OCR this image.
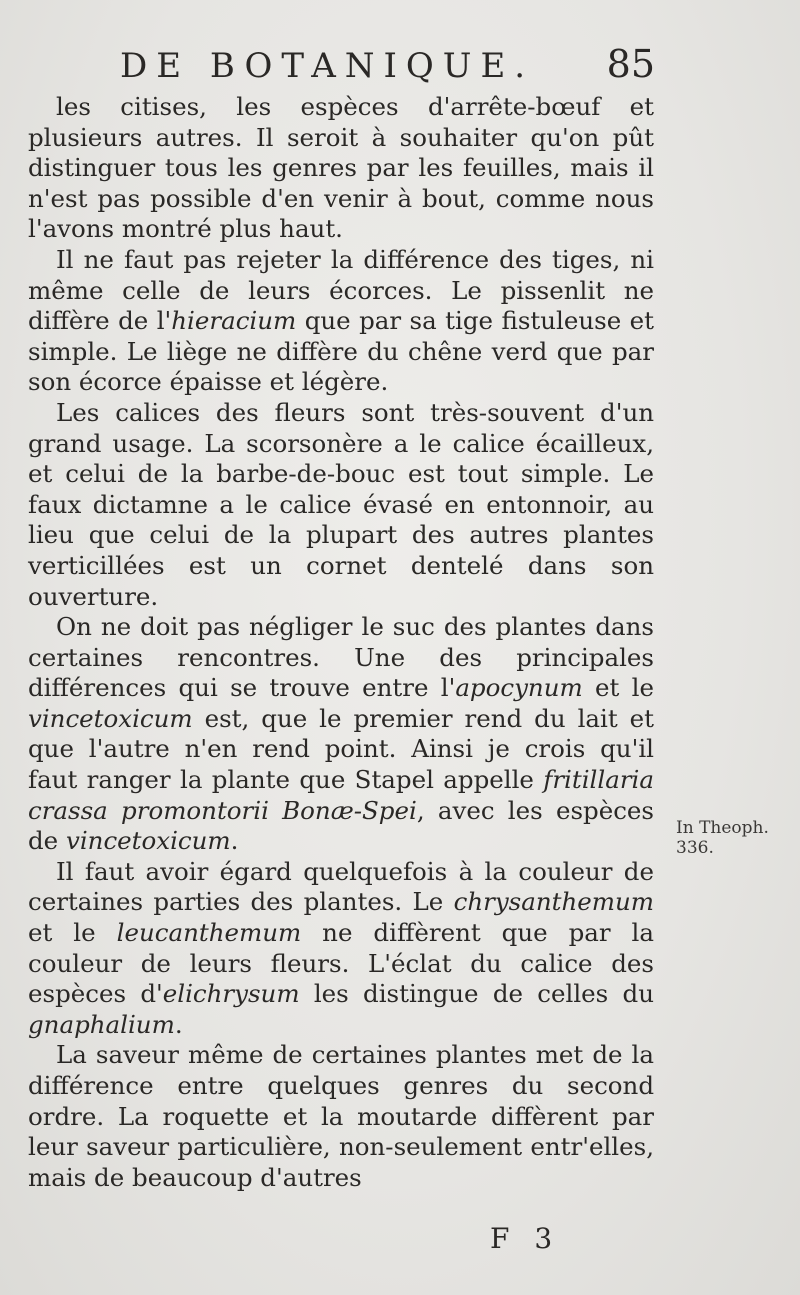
DE BOTANIQUE. 85

les citises, les espèces d'arrête-bœuf et plusieurs autres. Il seroit à souhaiter qu'on pût distinguer tous les genres par les feuilles, mais il n'est pas possible d'en venir à bout, comme nous l'avons montré plus haut.

Il ne faut pas rejeter la différence des tiges, ni même celle de leurs écorces. Le pissenlit ne diffère de l'hieracium que par sa tige fistuleuse et simple. Le liège ne diffère du chêne verd que par son écorce épaisse et légère.

Les calices des fleurs sont très-souvent d'un grand usage. La scorsonère a le calice écailleux, et celui de la barbe-de-bouc est tout simple. Le faux dictamne a le calice évasé en entonnoir, au lieu que celui de la plupart des autres plantes verticillées est un cornet dentelé dans son ouverture.

On ne doit pas négliger le suc des plantes dans certaines rencontres. Une des principales différences qui se trouve entre l'apocynum et le vincetoxicum est, que le premier rend du lait et que l'autre n'en rend point. Ainsi je crois qu'il faut ranger la plante que Stapel appelle fritillaria crassa promontorii Bonæ-Spei, avec les espèces de vincetoxicum.

Il faut avoir égard quelquefois à la couleur de certaines parties des plantes. Le chrysanthemum et le leucanthemum ne diffèrent que par la couleur de leurs fleurs. L'éclat du calice des espèces d'elichrysum les distingue de celles du gnaphalium.

La saveur même de certaines plantes met de la différence entre quelques genres du second ordre. La roquette et la moutarde diffèrent par leur saveur particulière, non-seulement entr'elles, mais de beaucoup d'autres

In Theoph. 336.
F 3
